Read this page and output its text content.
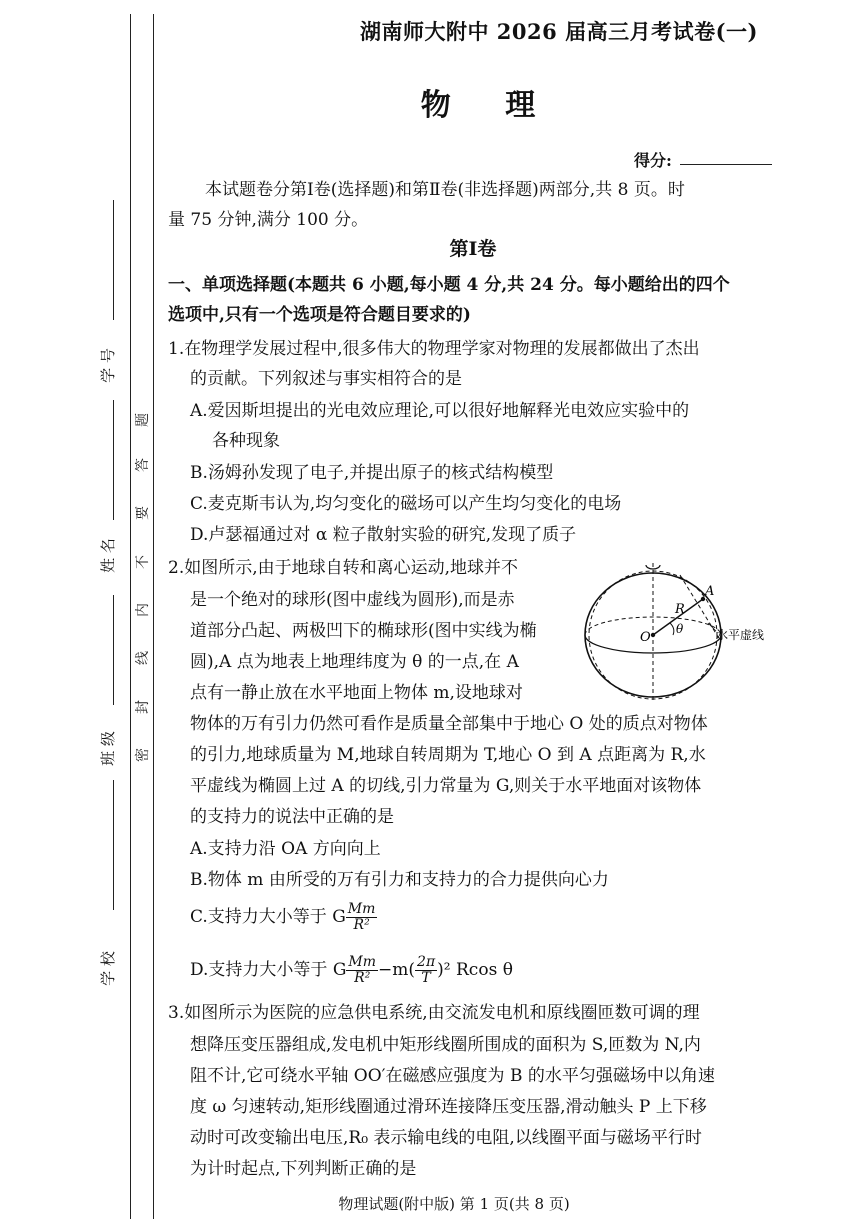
学 号
姓 名
班 级
学 校
题
答
要
不
内
线
封
密
湖南师大附中 2026 届高三月考试卷(一)
物 理
得分:
本试题卷分第Ⅰ卷(选择题)和第Ⅱ卷(非选择题)两部分,共 8 页。时
量 75 分钟,满分 100 分。
第Ⅰ卷
一、单项选择题(本题共 6 小题,每小题 4 分,共 24 分。每小题给出的四个
选项中,只有一个选项是符合题目要求的)
1.在物理学发展过程中,很多伟大的物理学家对物理的发展都做出了杰出
的贡献。下列叙述与事实相符合的是
A.爱因斯坦提出的光电效应理论,可以很好地解释光电效应实验中的
各种现象
B.汤姆孙发现了电子,并提出原子的核式结构模型
C.麦克斯韦认为,均匀变化的磁场可以产生均匀变化的电场
D.卢瑟福通过对 α 粒子散射实验的研究,发现了质子
2.如图所示,由于地球自转和离心运动,地球并不
是一个绝对的球形(图中虚线为圆形),而是赤
道部分凸起、两极凹下的椭球形(图中实线为椭
圆),A 点为地表上地理纬度为 θ 的一点,在 A
点有一静止放在水平地面上物体 m,设地球对
物体的万有引力仍然可看作是质量全部集中于地心 O 处的质点对物体
的引力,地球质量为 M,地球自转周期为 T,地心 O 到 A 点距离为 R,水
平虚线为椭圆上过 A 的切线,引力常量为 G,则关于水平地面对该物体
的支持力的说法中正确的是
A.支持力沿 OA 方向向上
B.物体 m 由所受的万有引力和支持力的合力提供向心力
C.支持力大小等于 G $\frac{Mm}{\text{R²}}$
D.支持力大小等于 G $\frac{Mm}{\text{R²}} -m( \frac{2\pi}{T} )^2$ Rcos θ
A
R
O
θ	水平虚线
3.如图所示为医院的应急供电系统,由交流发电机和原线圈匝数可调的理
想降压变压器组成,发电机中矩形线圈所围成的面积为 S,匝数为 N,内
阻不计,它可绕水平轴 OO′在磁感应强度为 B 的水平匀强磁场中以角速
度 ω 匀速转动,矩形线圈通过滑环连接降压变压器,滑动触头 P 上下移
动时可改变输出电压,R₀ 表示输电线的电阻,以线圈平面与磁场平行时
为计时起点,下列判断正确的是
物理试题(附中版) 第 1 页(共 8 页)
